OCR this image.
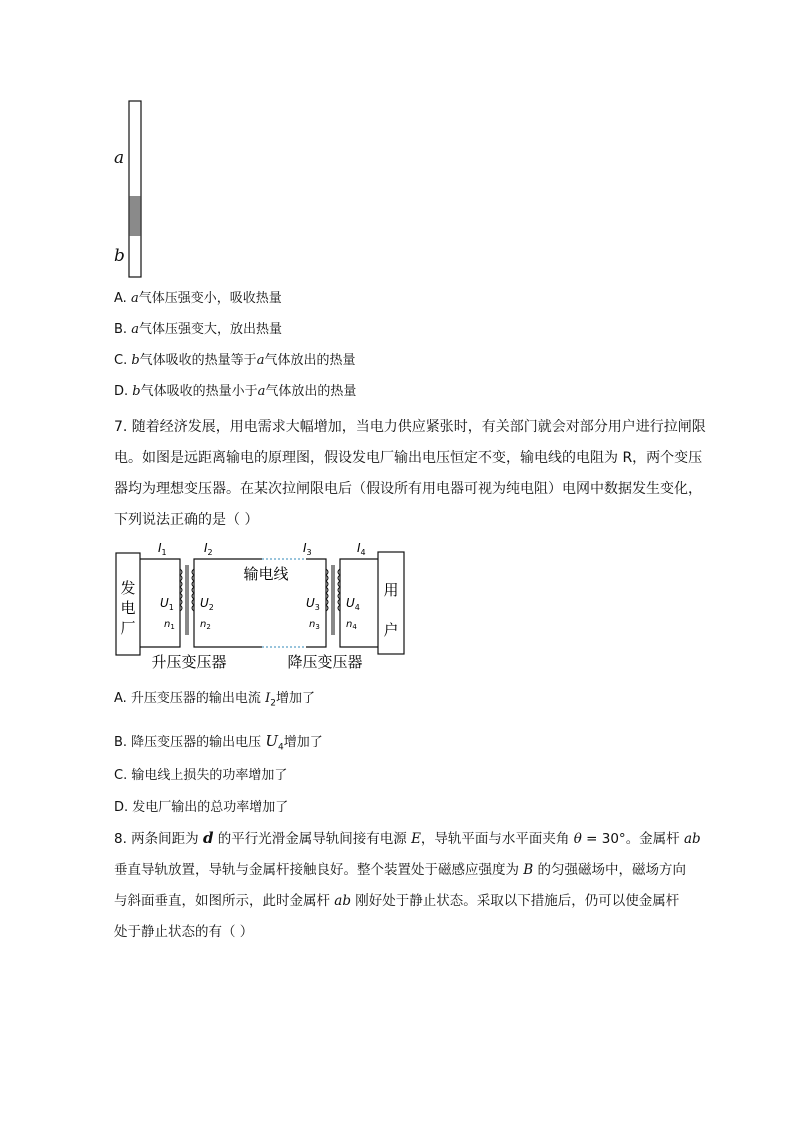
a
b
A. a气体压强变小，吸收热量
B. a气体压强变大，放出热量
C. b气体吸收的热量等于a气体放出的热量
D. b气体吸收的热量小于a气体放出的热量
7. 随着经济发展，用电需求大幅增加，当电力供应紧张时，有关部门就会对部分用户进行拉闸限
电。如图是远距离输电的原理图，假设发电厂输出电压恒定不变，输电线的电阻为 R，两个变压
器均为理想变压器。在某次拉闸限电后（假设所有用电器可视为纯电阻）电网中数据发生变化，
下列说法正确的是（ ）
发
电
厂
用
户
输电线
$I_1$	$I_2$	$I_3$	$I_4$
$U_1$ $U_2$	$U_3$ $U_4$
$n_1$	$n_2$	$n_3$	$n_4$
升压变压器	降压变压器
A. 升压变压器的输出电流 $I_2$增加了
B. 降压变压器的输出电压 $U_4$增加了
C. 输电线上损失的功率增加了
D. 发电厂输出的总功率增加了
8. 两条间距为 d 的平行光滑金属导轨间接有电源 E，导轨平面与水平面夹角 θ = 30°。金属杆 ab
垂直导轨放置，导轨与金属杆接触良好。整个装置处于磁感应强度为 B 的匀强磁场中，磁场方向
与斜面垂直，如图所示，此时金属杆 ab 刚好处于静止状态。采取以下措施后，仍可以使金属杆
处于静止状态的有（ ）
